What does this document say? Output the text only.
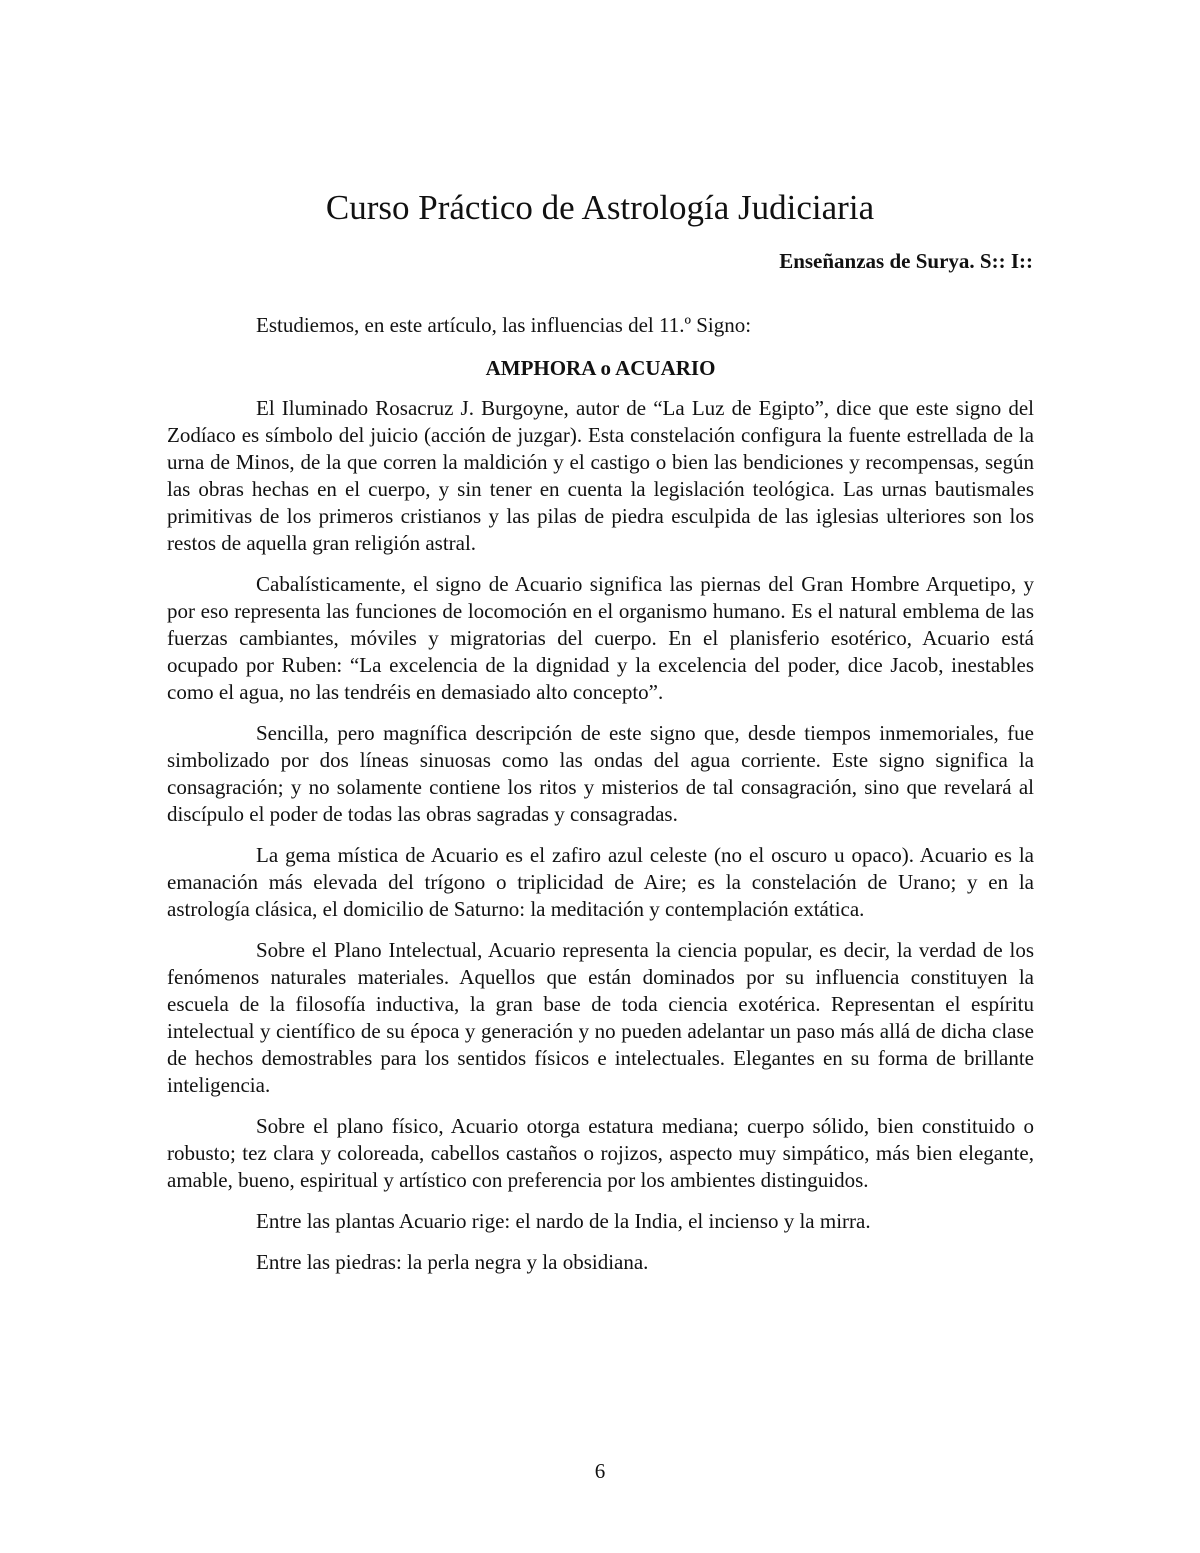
Curso Práctico de Astrología Judiciaria
Enseñanzas de Surya. S:: I::

Estudiemos, en este artículo, las influencias del 11.º Signo:

AMPHORA o ACUARIO

El Iluminado Rosacruz J. Burgoyne, autor de “La Luz de Egipto”, dice que este signo del Zodíaco es símbolo del juicio (acción de juzgar). Esta constelación configura la fuente estrellada de la urna de Minos, de la que corren la maldición y el castigo o bien las bendiciones y recompensas, según las obras hechas en el cuerpo, y sin tener en cuenta la legislación teológica. Las urnas bautismales primitivas de los primeros cristianos y las pilas de piedra esculpida de las iglesias ulteriores son los restos de aquella gran religión astral.

Cabalísticamente, el signo de Acuario significa las piernas del Gran Hombre Arquetipo, y por eso representa las funciones de locomoción en el organismo humano. Es el natural emblema de las fuerzas cambiantes, móviles y migratorias del cuerpo. En el planisferio esotérico, Acuario está ocupado por Ruben: “La excelencia de la dignidad y la excelencia del poder, dice Jacob, inestables como el agua, no las tendréis en demasiado alto concepto”.

Sencilla, pero magnífica descripción de este signo que, desde tiempos inmemoriales, fue simbolizado por dos líneas sinuosas como las ondas del agua corriente. Este signo significa la consagración; y no solamente contiene los ritos y misterios de tal consagración, sino que revelará al discípulo el poder de todas las obras sagradas y consagradas.

La gema mística de Acuario es el zafiro azul celeste (no el oscuro u opaco). Acuario es la emanación más elevada del trígono o triplicidad de Aire; es la constelación de Urano; y en la astrología clásica, el domicilio de Saturno: la meditación y contemplación extática.

Sobre el Plano Intelectual, Acuario representa la ciencia popular, es decir, la verdad de los fenómenos naturales materiales. Aquellos que están dominados por su influencia constituyen la escuela de la filosofía inductiva, la gran base de toda ciencia exotérica. Representan el espíritu intelectual y científico de su época y generación y no pueden adelantar un paso más allá de dicha clase de hechos demostrables para los sentidos físicos e intelectuales. Elegantes en su forma de brillante inteligencia.

Sobre el plano físico, Acuario otorga estatura mediana; cuerpo sólido, bien constituido o robusto; tez clara y coloreada, cabellos castaños o rojizos, aspecto muy simpático, más bien elegante, amable, bueno, espiritual y artístico con preferencia por los ambientes distinguidos.

Entre las plantas Acuario rige: el nardo de la India, el incienso y la mirra.

Entre las piedras: la perla negra y la obsidiana.

6
